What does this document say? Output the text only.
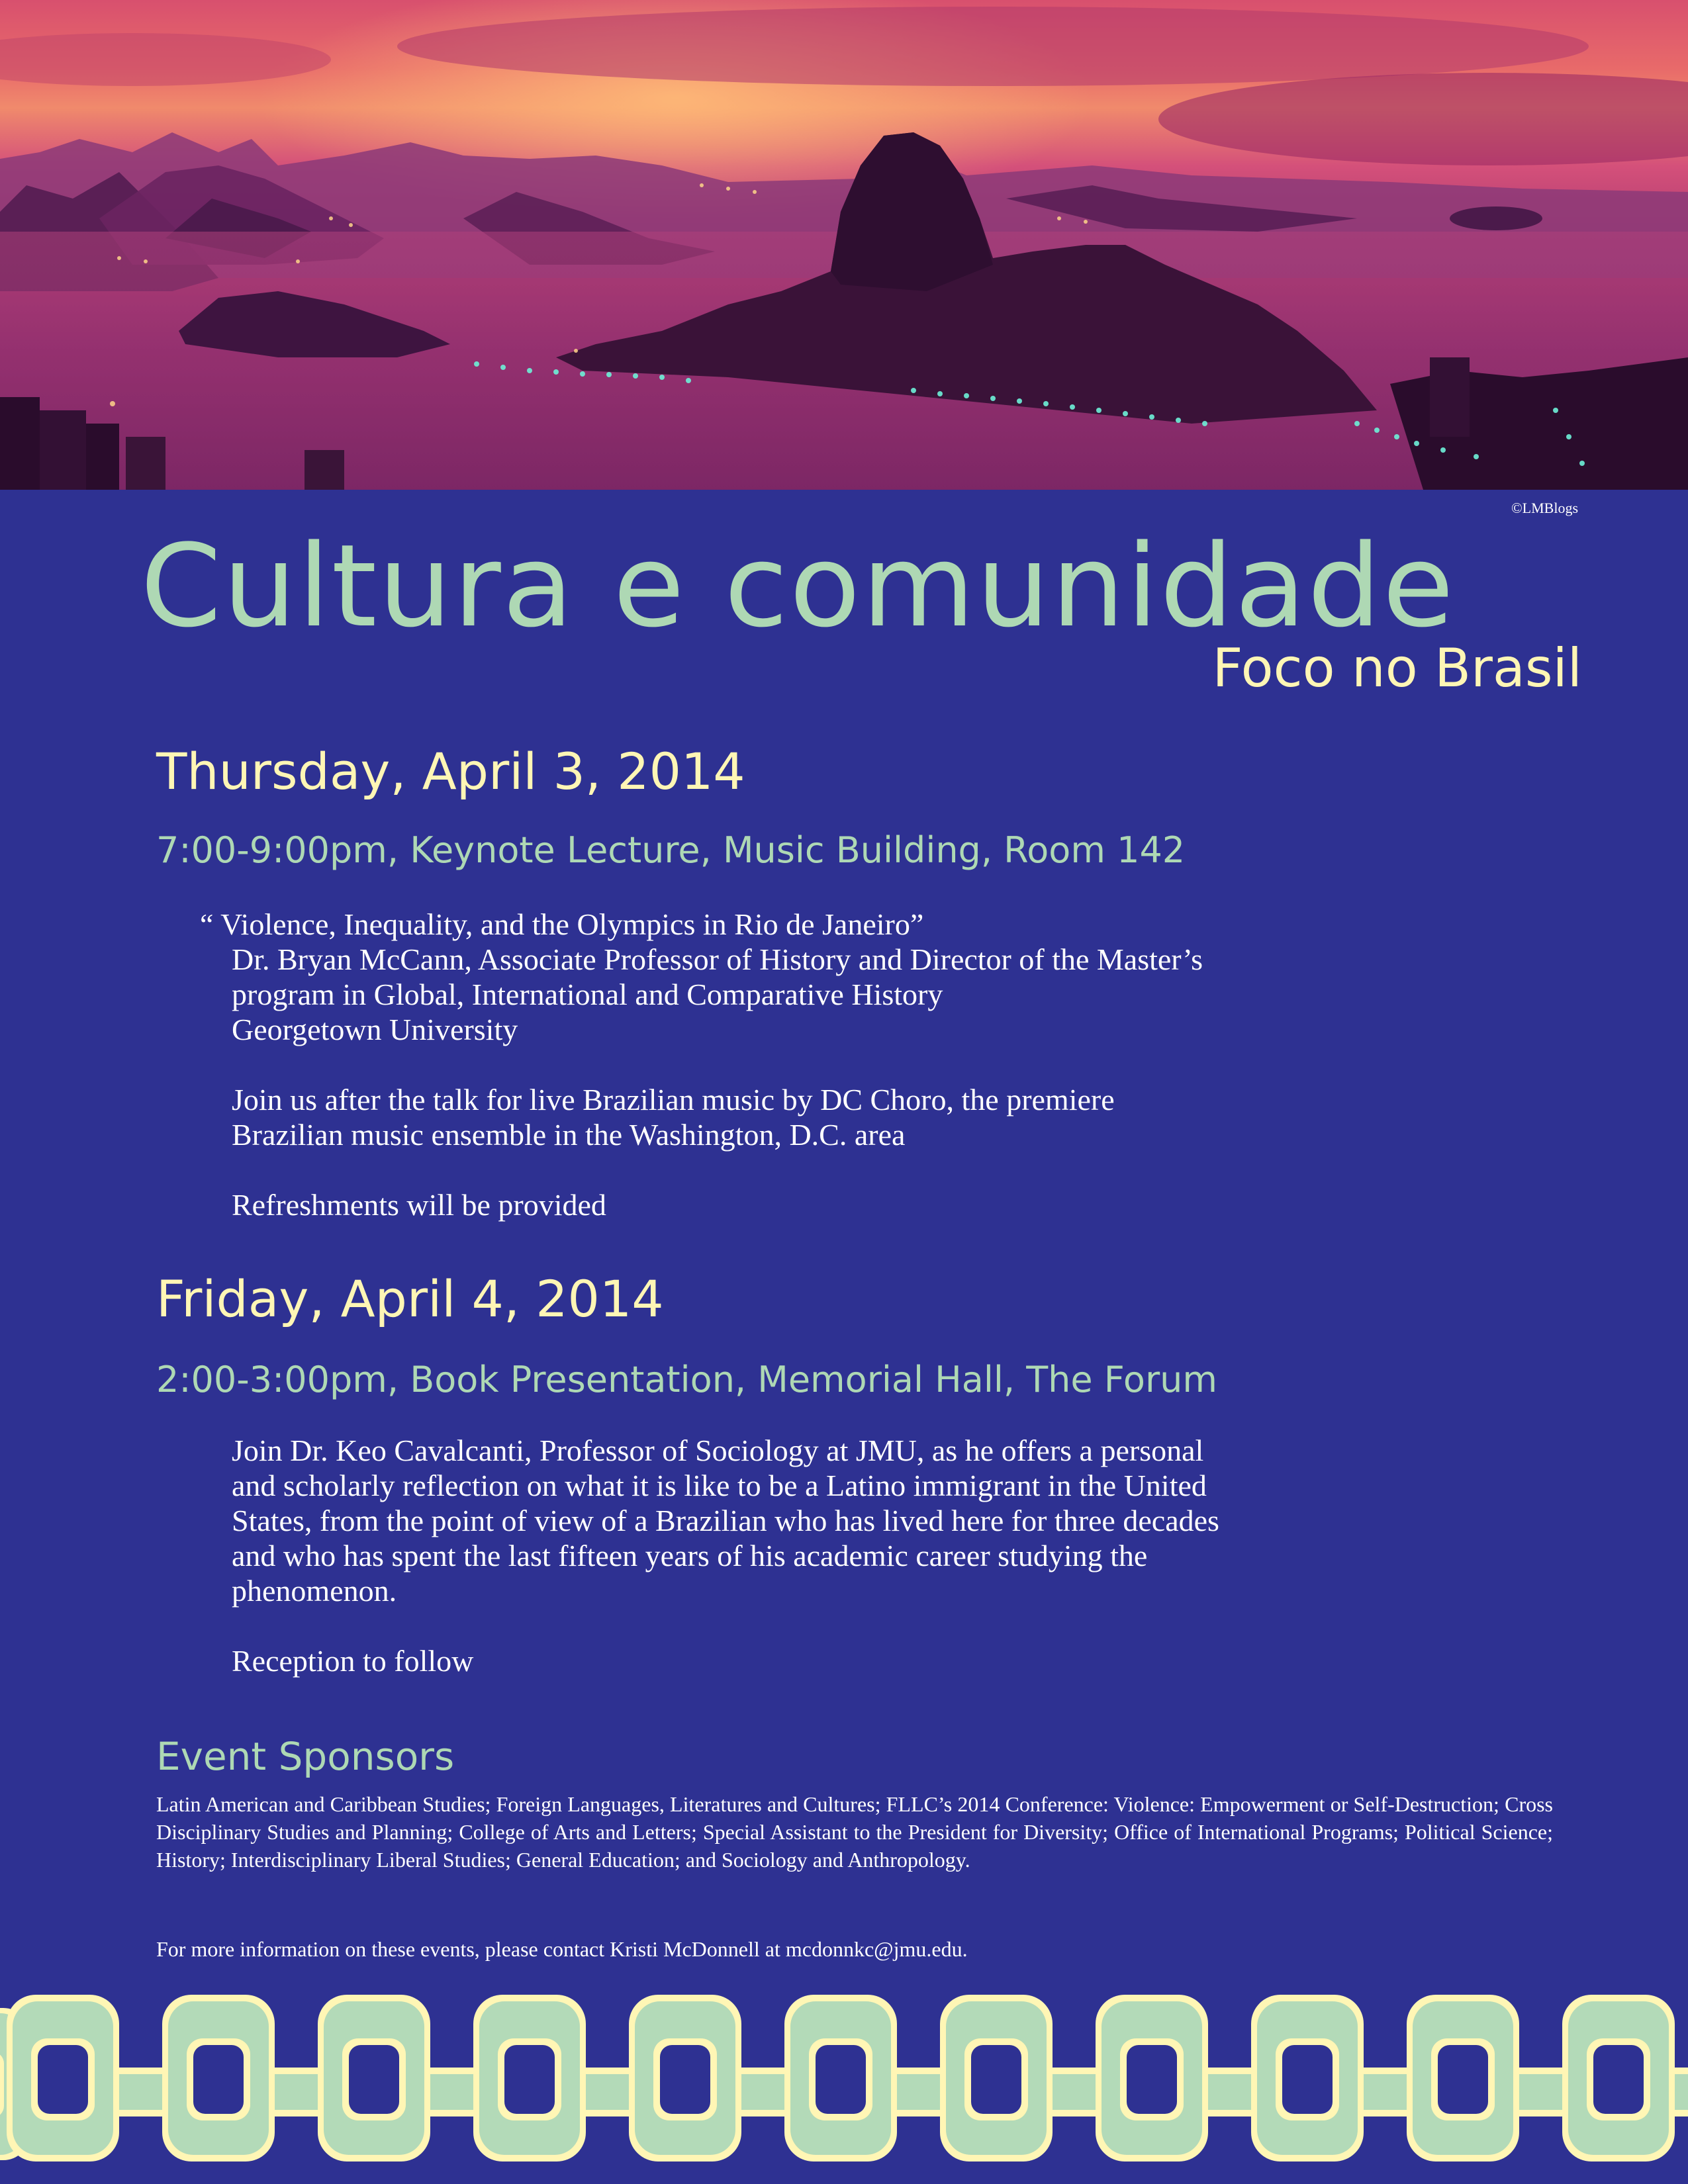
©LMBlogs
Cultura e comunidade
Foco no Brasil
Thursday, April 3, 2014
7:00-9:00pm, Keynote Lecture, Music Building, Room 142

“ Violence, Inequality, and the Olympics in Rio de Janeiro”

Dr. Bryan McCann, Associate Professor of History and Director of the Master’s

program in Global, International and Comparative History

Georgetown University

Join us after the talk for live Brazilian music by DC Choro, the premiere

Brazilian music ensemble in the Washington, D.C. area

Refreshments will be provided

Friday, April 4, 2014
2:00-3:00pm, Book Presentation, Memorial Hall, The Forum

Join Dr. Keo Cavalcanti, Professor of Sociology at JMU, as he offers a personal

and scholarly reflection on what it is like to be a Latino immigrant in the United

States, from the point of view of a Brazilian who has lived here for three decades

and who has spent the last fifteen years of his academic career studying the

phenomenon.

Reception to follow

Event Sponsors

Latin American and Caribbean Studies; Foreign Languages, Literatures and Cultures; FLLC’s 2014 Conference: Violence: Empowerment or Self-Destruction; Cross Disciplinary Studies and Planning; College of Arts and Letters; Special Assistant to the President for Diversity; Office of International Programs; Political Science; History; Interdisciplinary Liberal Studies; General Education; and Sociology and Anthropology.

For more information on these events, please contact Kristi McDonnell at mcdonnkc@jmu.edu.
